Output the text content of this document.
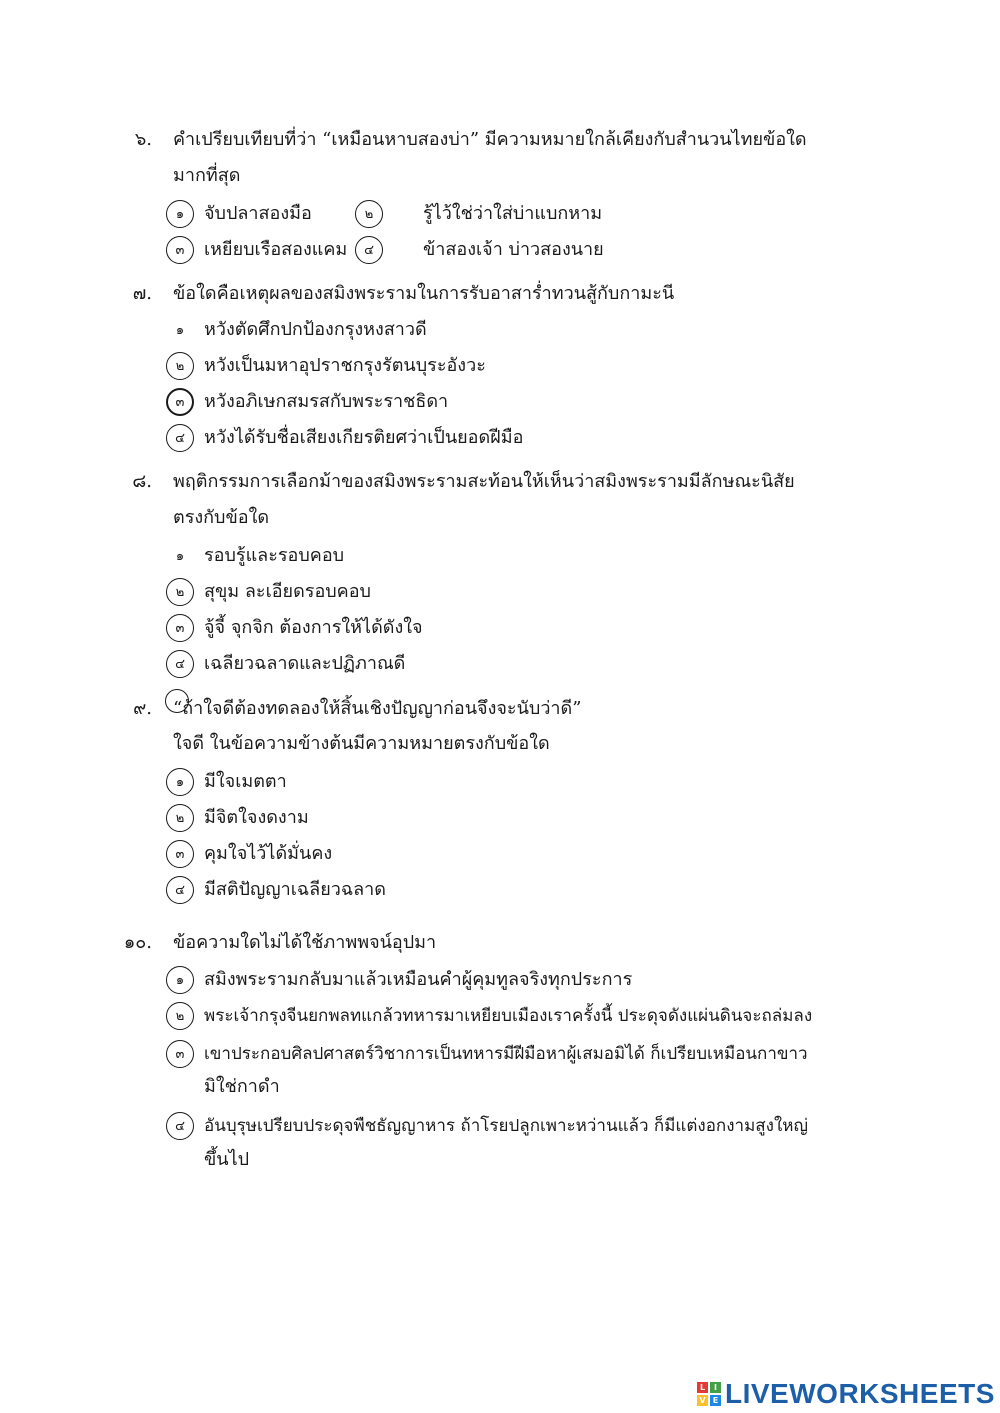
๖. คำเปรียบเทียบที่ว่า “เหมือนหาบสองบ่า” มีความหมายใกล้เคียงกับสำนวนไทยข้อใด
มากที่สุด
๑	จับปลาสองมือ	๒	รู้ไว้ใช่ว่าใส่บ่าแบกหาม
๓	เหยียบเรือสองแคม	๔	ข้าสองเจ้า บ่าวสองนาย
๗. ข้อใดคือเหตุผลของสมิงพระรามในการรับอาสาร่ำทวนสู้กับกามะนี
๑	หวังตัดศึกปกป้องกรุงหงสาวดี
๒	หวังเป็นมหาอุปราชกรุงรัตนบุระอังวะ
๓	หวังอภิเษกสมรสกับพระราชธิดา
๔	หวังได้รับชื่อเสียงเกียรติยศว่าเป็นยอดฝีมือ
๘. พฤติกรรมการเลือกม้าของสมิงพระรามสะท้อนให้เห็นว่าสมิงพระรามมีลักษณะนิสัย
ตรงกับข้อใด
๑	รอบรู้และรอบคอบ
๒	สุขุม ละเอียดรอบคอบ
๓	จู้จี้ จุกจิก ต้องการให้ได้ดังใจ
๔	เฉลียวฉลาดและปฏิภาณดี
๙. “ถ้าใจดีต้องทดลองให้สิ้นเชิงปัญญาก่อนจึงจะนับว่าดี”
ใจดี ในข้อความข้างต้นมีความหมายตรงกับข้อใด
๑	มีใจเมตตา
๒	มีจิตใจงดงาม
๓	คุมใจไว้ได้มั่นคง
๔	มีสติปัญญาเฉลียวฉลาด
๑๐. ข้อความใดไม่ได้ใช้ภาพพจน์อุปมา
๑	สมิงพระรามกลับมาแล้วเหมือนคำผู้คุมทูลจริงทุกประการ
๒	พระเจ้ากรุงจีนยกพลทแกล้วทหารมาเหยียบเมืองเราครั้งนี้ ประดุจดังแผ่นดินจะถล่มลง
๓	เขาประกอบศิลปศาสตร์วิชาการเป็นทหารมีฝีมือหาผู้เสมอมิได้ ก็เปรียบเหมือนกาขาว
มิใช่กาดำ
๔	อันบุรุษเปรียบประดุจพืชธัญญาหาร ถ้าโรยปลูกเพาะหว่านแล้ว ก็มีแต่งอกงามสูงใหญ่
ขึ้นไป
L	I
V E LIVEWORKSHEETS
